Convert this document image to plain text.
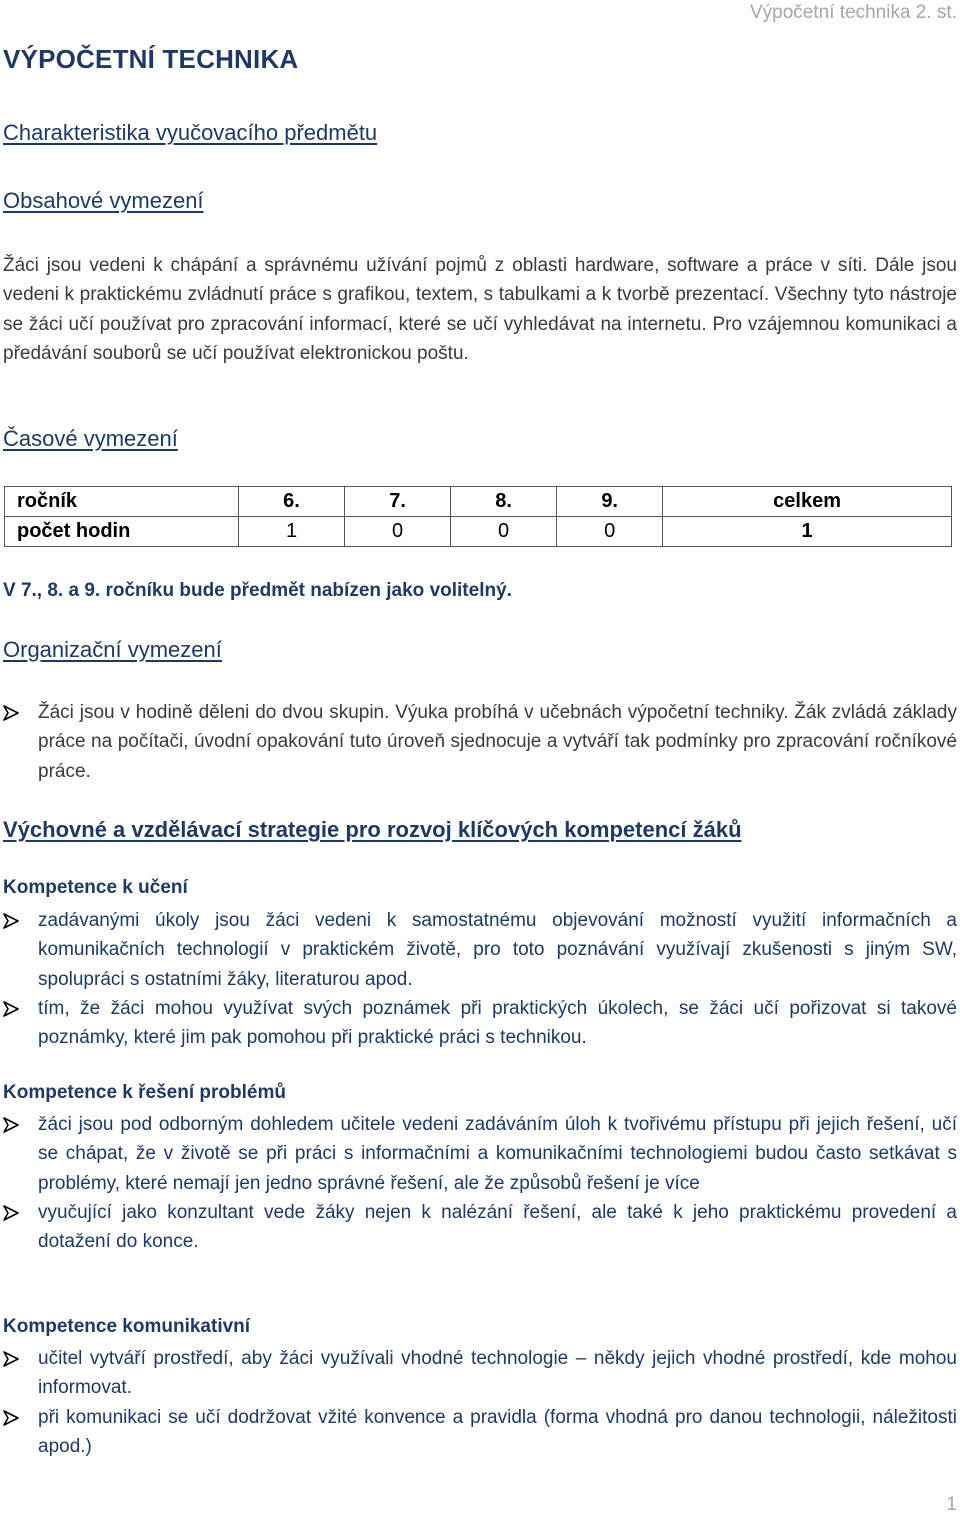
Výpočetní technika 2. st.
VÝPOČETNÍ TECHNIKA
Charakteristika vyučovacího předmětu
Obsahové vymezení

Žáci jsou vedeni k chápání a správnému užívání pojmů z oblasti hardware, software a práce v síti. Dále jsou vedeni k praktickému zvládnutí práce s grafikou, textem, s tabulkami a k tvorbě prezentací. Všechny tyto nástroje se žáci učí používat pro zpracování informací, které se učí vyhledávat na internetu. Pro vzájemnou komunikaci a předávání souborů se učí používat elektronickou poštu.

Časové vymezení
ročník	6.	7.	8.	9.	celkem
počet hodin	1	0	0	0	1

V 7., 8. a 9. ročníku bude předmět nabízen jako volitelný.

Organizační vymezení
Žáci jsou v hodině děleni do dvou skupin. Výuka probíhá v učebnách výpočetní techniky. Žák zvládá základy práce na počítači, úvodní opakování tuto úroveň sjednocuje a vytváří tak podmínky pro zpracování ročníkové práce.
Výchovné a vzdělávací strategie pro rozvoj klíčových kompetencí žáků
Kompetence k učení
zadávanými úkoly jsou žáci vedeni k samostatnému objevování možností využití informačních a komunikačních technologií v praktickém životě, pro toto poznávání využívají zkušenosti s jiným SW, spolupráci s ostatními žáky, literaturou apod.
tím, že žáci mohou využívat svých poznámek při praktických úkolech, se žáci učí pořizovat si takové poznámky, které jim pak pomohou při praktické práci s technikou.
Kompetence k řešení problémů
žáci jsou pod odborným dohledem učitele vedeni zadáváním úloh k tvořivému přístupu při jejich řešení, učí se chápat, že v životě se při práci s informačními a komunikačními technologiemi budou často setkávat s problémy, které nemají jen jedno správné řešení, ale že způsobů řešení je více
vyučující jako konzultant vede žáky nejen k nalézání řešení, ale také k jeho praktickému provedení a dotažení do konce.
Kompetence komunikativní
učitel vytváří prostředí, aby žáci využívali vhodné technologie – někdy jejich vhodné prostředí, kde mohou informovat.
při komunikaci se učí dodržovat vžité konvence a pravidla (forma vhodná pro danou technologii, náležitosti apod.)
1
